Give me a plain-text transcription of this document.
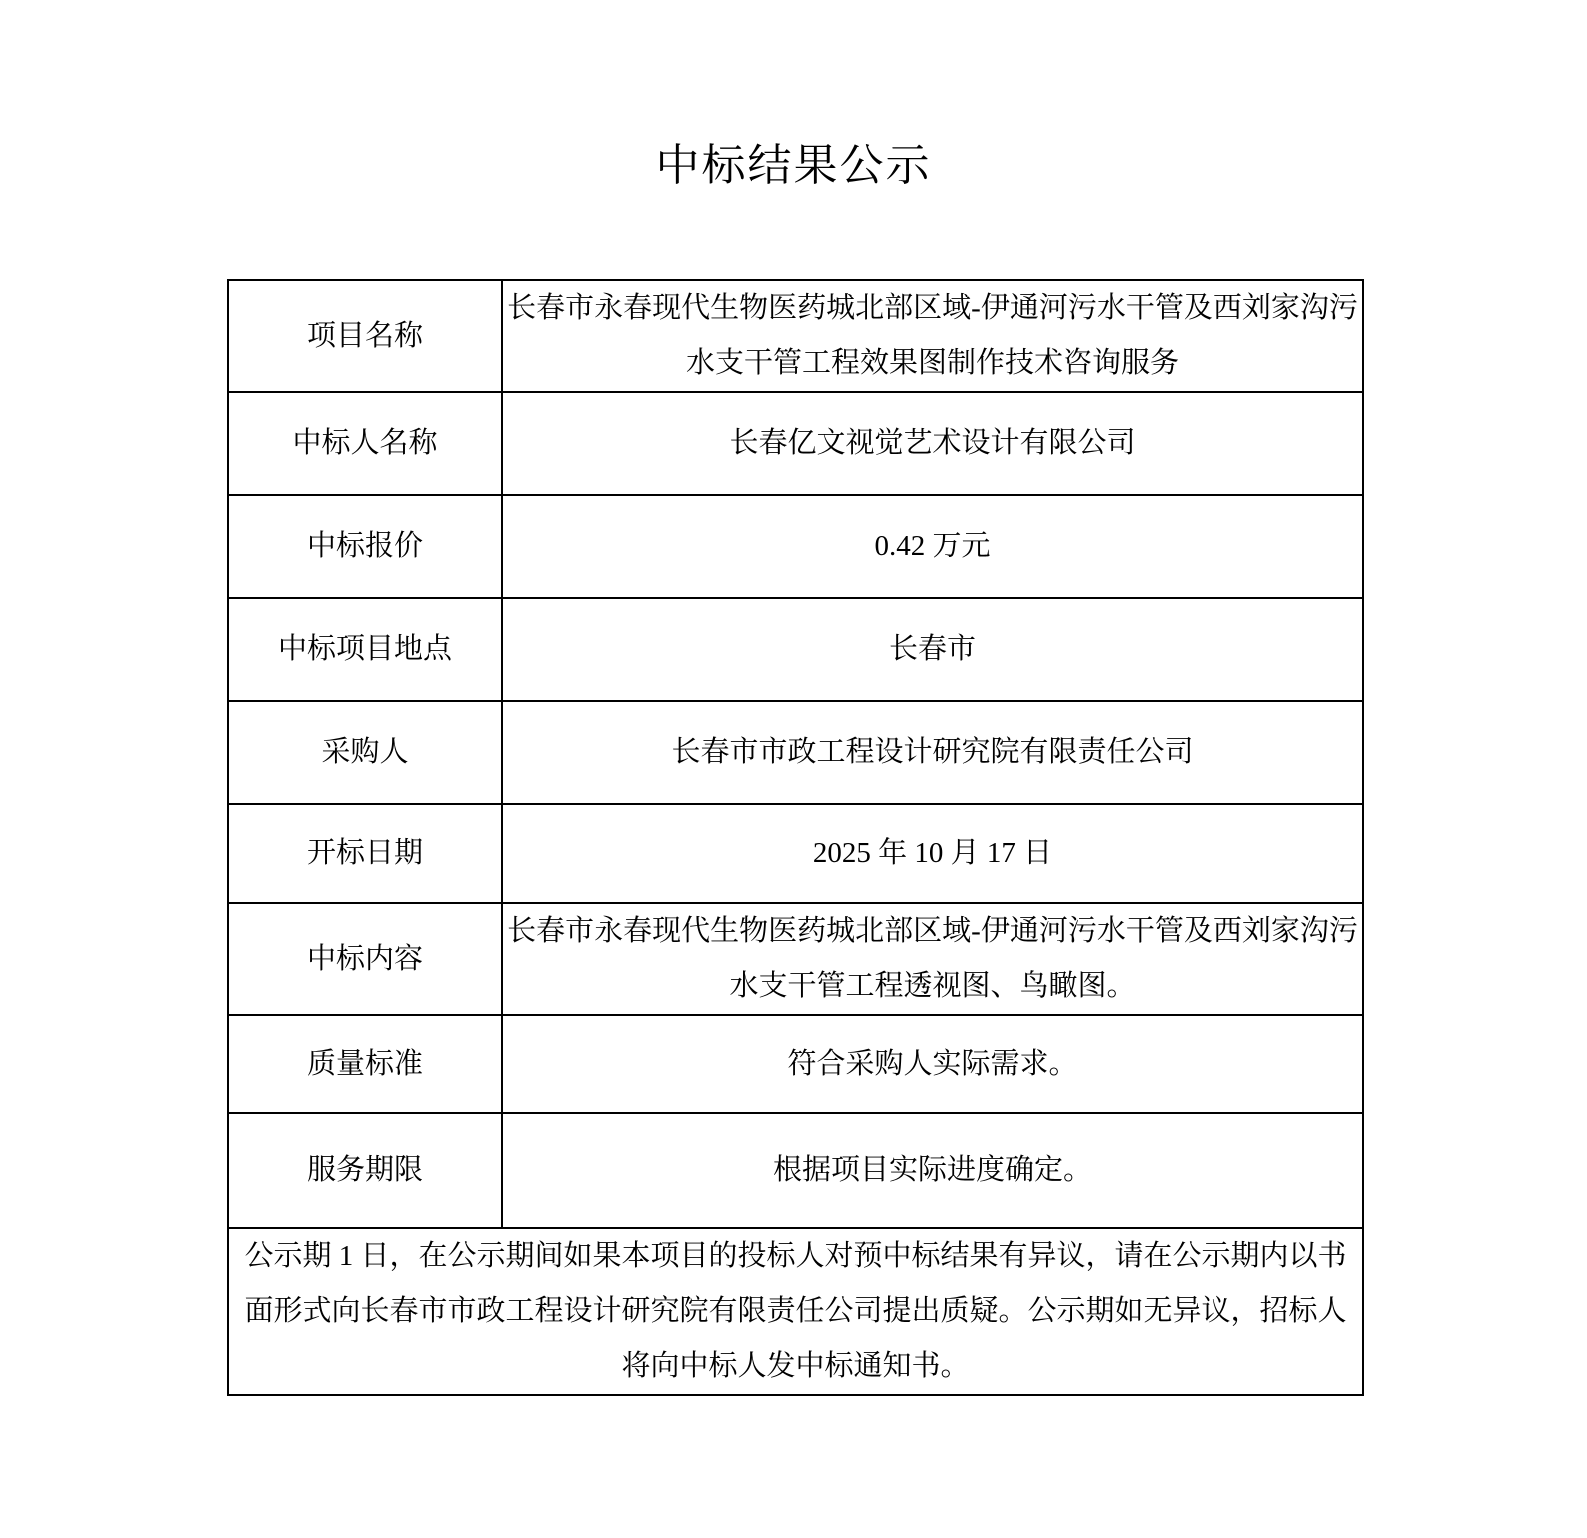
中标结果公示
项目名称	长春市永春现代生物医药城北部区域-伊通河污水干管及西刘家沟污水支干管工程效果图制作技术咨询服务
中标人名称	长春亿文视觉艺术设计有限公司
中标报价	0.42 万元
中标项目地点	长春市
采购人	长春市市政工程设计研究院有限责任公司
开标日期	2025 年 10 月 17 日
中标内容	长春市永春现代生物医药城北部区域-伊通河污水干管及西刘家沟污水支干管工程透视图、鸟瞰图。
质量标准	符合采购人实际需求。
服务期限	根据项目实际进度确定。
公示期 1 日，在公示期间如果本项目的投标人对预中标结果有异议，请在公示期内以书面形式向长春市市政工程设计研究院有限责任公司提出质疑。公示期如无异议，招标人将向中标人发中标通知书。	
